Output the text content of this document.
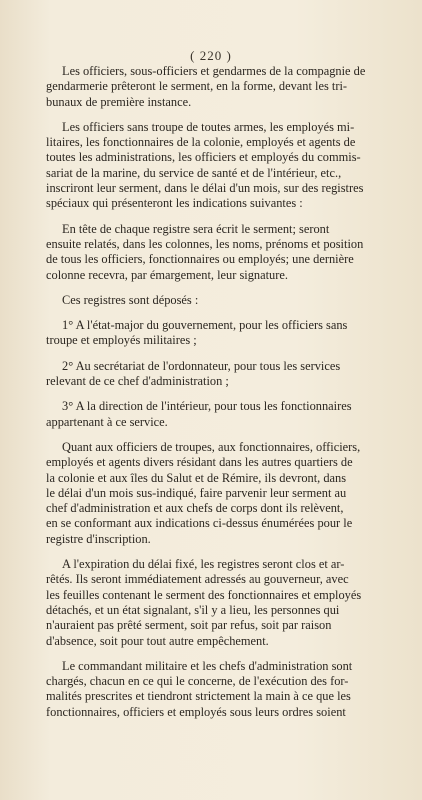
( 220 )

Les officiers, sous-officiers et gendarmes de la compagnie de
gendarmerie prêteront le serment, en la forme, devant les tri-
bunaux de première instance.

Les officiers sans troupe de toutes armes, les employés mi-
litaires, les fonctionnaires de la colonie, employés et agents de
toutes les administrations, les officiers et employés du commis-
sariat de la marine, du service de santé et de l'intérieur, etc.,
inscriront leur serment, dans le délai d'un mois, sur des registres
spéciaux qui présenteront les indications suivantes :

En tête de chaque registre sera écrit le serment; seront
ensuite relatés, dans les colonnes, les noms, prénoms et position
de tous les officiers, fonctionnaires ou employés; une dernière
colonne recevra, par émargement, leur signature.

Ces registres sont déposés :

1° A l'état-major du gouvernement, pour les officiers sans
troupe et employés militaires ;

2° Au secrétariat de l'ordonnateur, pour tous les services
relevant de ce chef d'administration ;

3° A la direction de l'intérieur, pour tous les fonctionnaires
appartenant à ce service.

Quant aux officiers de troupes, aux fonctionnaires, officiers,
employés et agents divers résidant dans les autres quartiers de
la colonie et aux îles du Salut et de Rémire, ils devront, dans
le délai d'un mois sus-indiqué, faire parvenir leur serment au
chef d'administration et aux chefs de corps dont ils relèvent,
en se conformant aux indications ci-dessus énumérées pour le
registre d'inscription.

A l'expiration du délai fixé, les registres seront clos et ar-
rêtés. Ils seront immédiatement adressés au gouverneur, avec
les feuilles contenant le serment des fonctionnaires et employés
détachés, et un état signalant, s'il y a lieu, les personnes qui
n'auraient pas prêté serment, soit par refus, soit par raison
d'absence, soit pour tout autre empêchement.

Le commandant militaire et les chefs d'administration sont
chargés, chacun en ce qui le concerne, de l'exécution des for-
malités prescrites et tiendront strictement la main à ce que les
fonctionnaires, officiers et employés sous leurs ordres soient
